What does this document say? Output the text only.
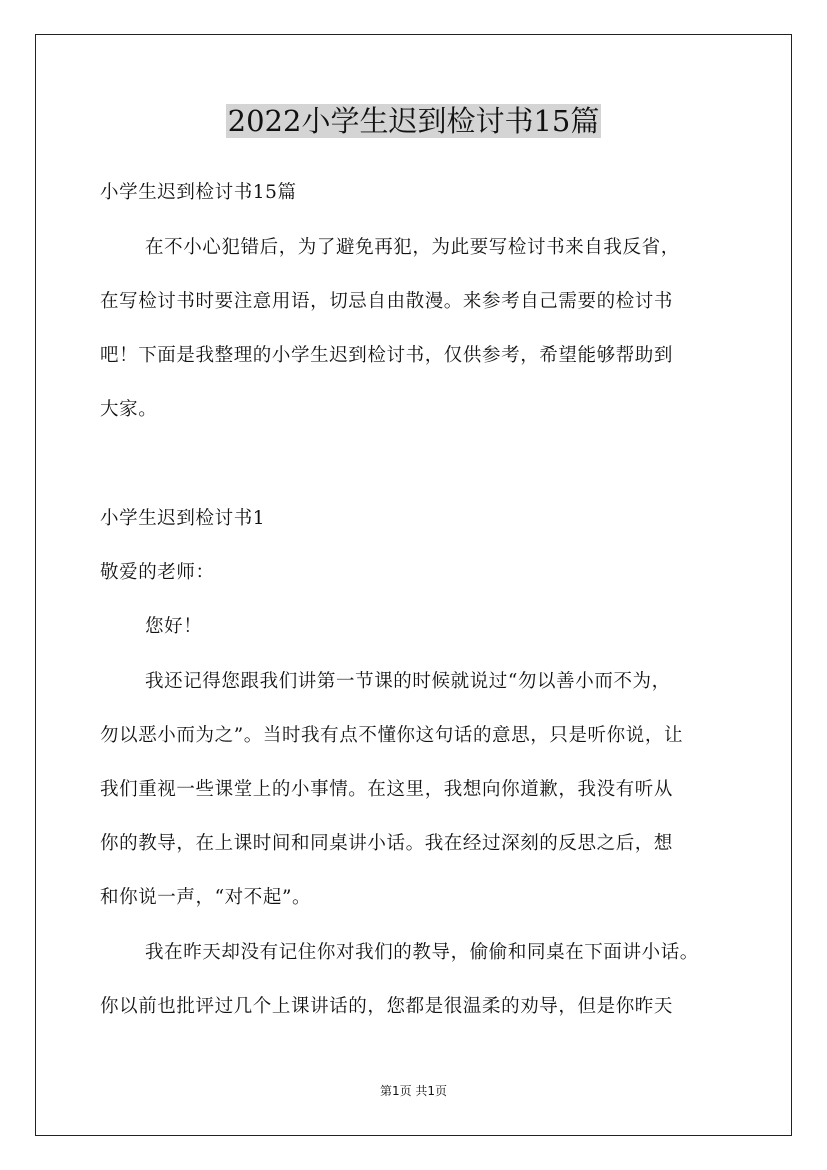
2022小学生迟到检讨书15篇
小学生迟到检讨书15篇
在不小心犯错后，为了避免再犯，为此要写检讨书来自我反省，
在写检讨书时要注意用语，切忌自由散漫。来参考自己需要的检讨书
吧！下面是我整理的小学生迟到检讨书，仅供参考，希望能够帮助到
大家。
小学生迟到检讨书1
敬爱的老师：
您好！
我还记得您跟我们讲第一节课的时候就说过“勿以善小而不为，
勿以恶小而为之”。当时我有点不懂你这句话的意思，只是听你说，让
我们重视一些课堂上的小事情。在这里，我想向你道歉，我没有听从
你的教导，在上课时间和同桌讲小话。我在经过深刻的反思之后，想
和你说一声，“对不起”。
我在昨天却没有记住你对我们的教导，偷偷和同桌在下面讲小话。
你以前也批评过几个上课讲话的，您都是很温柔的劝导，但是你昨天
第1页 共1页
